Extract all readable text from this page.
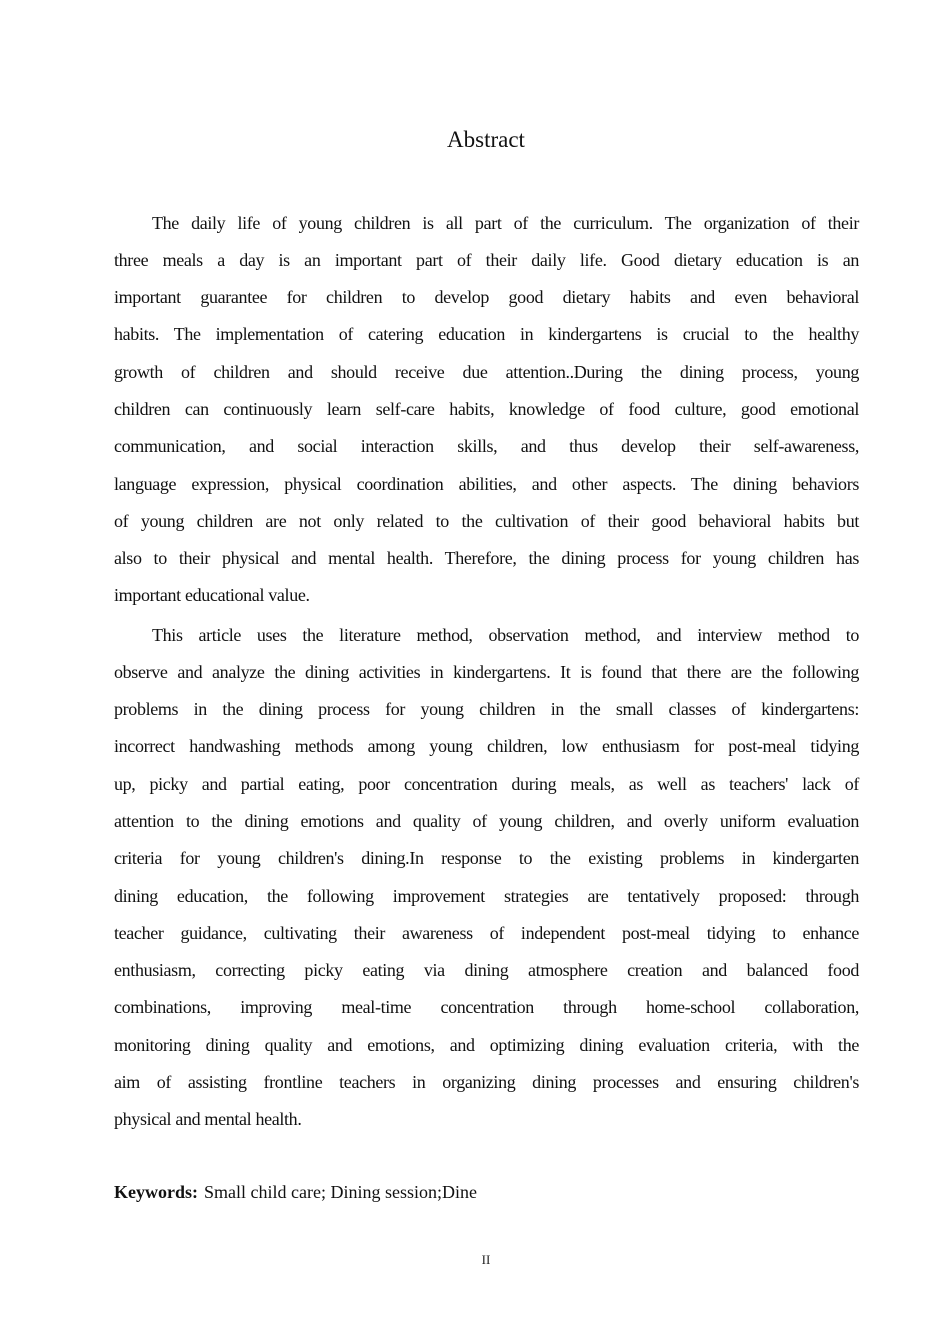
Abstract
The daily life of young children is all part of the curriculum. The organization of their
three meals a day is an important part of their daily life. Good dietary education is an
important guarantee for children to develop good dietary habits and even behavioral
habits. The implementation of catering education in kindergartens is crucial to the healthy
growth of children and should receive due attention..During the dining process, young
children can continuously learn self-care habits, knowledge of food culture, good emotional
communication, and social interaction skills, and thus develop their self-awareness,
language expression, physical coordination abilities, and other aspects. The dining behaviors
of young children are not only related to the cultivation of their good behavioral habits but
also to their physical and mental health. Therefore, the dining process for young children has
important educational value.
This article uses the literature method, observation method, and interview method to
observe and analyze the dining activities in kindergartens. It is found that there are the following
problems in the dining process for young children in the small classes of kindergartens:
incorrect handwashing methods among young children, low enthusiasm for post-meal tidying
up, picky and partial eating, poor concentration during meals, as well as teachers' lack of
attention to the dining emotions and quality of young children, and overly uniform evaluation
criteria for young children's dining.In response to the existing problems in kindergarten
dining education, the following improvement strategies are tentatively proposed: through
teacher guidance, cultivating their awareness of independent post-meal tidying to enhance
enthusiasm, correcting picky eating via dining atmosphere creation and balanced food
combinations, improving meal-time concentration through home-school collaboration,
monitoring dining quality and emotions, and optimizing dining evaluation criteria, with the
aim of assisting frontline teachers in organizing dining processes and ensuring children's
physical and mental health.
Keywords: Small child care; Dining session;Dine
II
